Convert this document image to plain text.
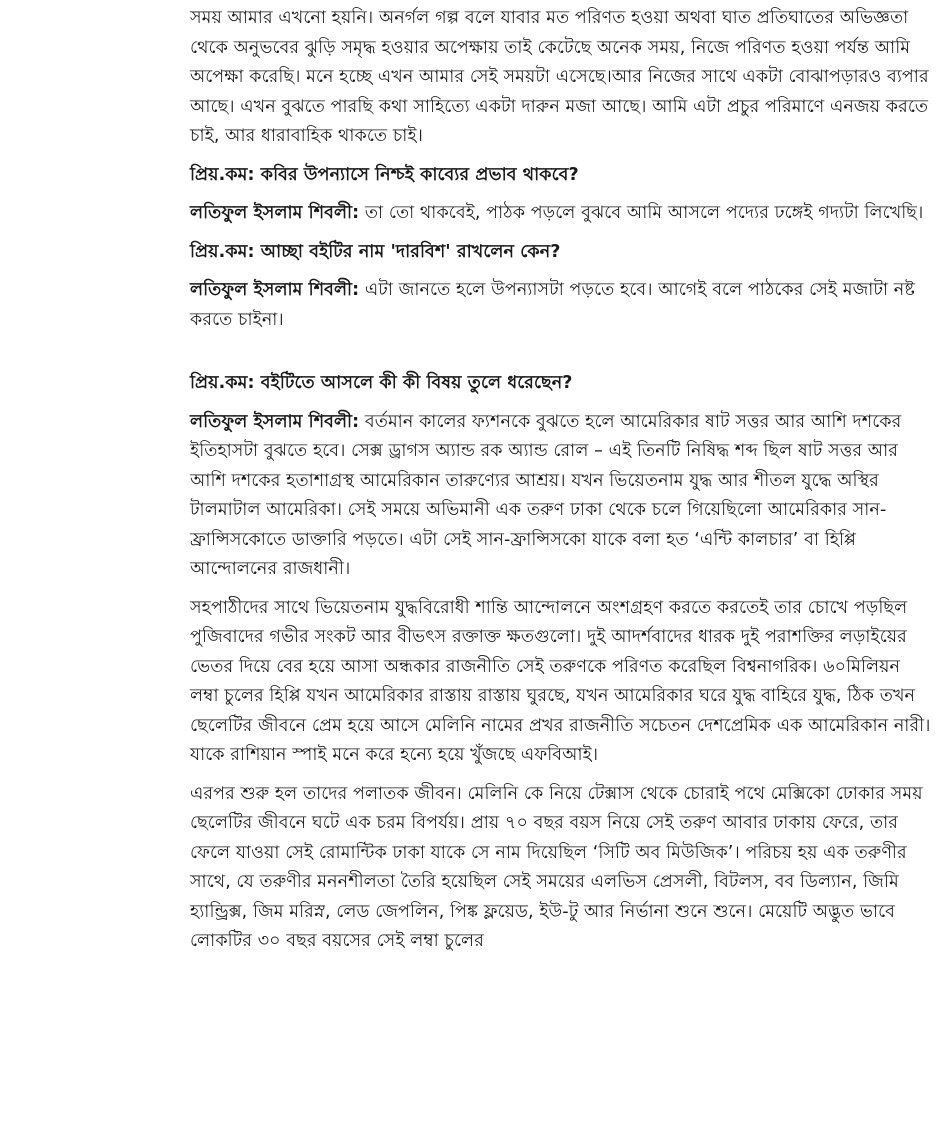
সময় আমার এখনো হয়নি। অনর্গল গল্প বলে যাবার মত পরিণত হওয়া অথবা ঘাত প্রতিঘাতের অভিজ্ঞতা থেকে অনুভবের ঝুড়ি সমৃদ্ধ হওয়ার অপেক্ষায় তাই কেটেছে অনেক সময়, নিজে পরিণত হওয়া পর্যন্ত আমি অপেক্ষা করেছি। মনে হচ্ছে এখন আমার সেই সময়টা এসেছে।আর নিজের সাথে একটা বোঝাপড়ারও ব্যপার আছে। এখন বুঝতে পারছি কথা সাহিত্যে একটা দারুন মজা আছে। আমি এটা প্রচুর পরিমাণে এনজয় করতে চাই, আর ধারাবাহিক থাকতে চাই।

প্রিয়.কম: কবির উপন্যাসে নিশ্চই কাব্যের প্রভাব থাকবে?

লতিফুল ইসলাম শিবলী: তা তো থাকবেই, পাঠক পড়লে বুঝবে আমি আসলে পদ্যের ঢঙ্গেই গদ্যটা লিখেছি।

প্রিয়.কম: আচ্ছা বইটির নাম 'দারবিশ' রাখলেন কেন?

লতিফুল ইসলাম শিবলী: এটা জানতে হলে উপন্যাসটা পড়তে হবে। আগেই বলে পাঠকের সেই মজাটা নষ্ট করতে চাইনা।

প্রিয়.কম: বইটিতে আসলে কী কী বিষয় তুলে ধরেছেন?

লতিফুল ইসলাম শিবলী: বর্তমান কালের ফ্যশনকে বুঝতে হলে আমেরিকার ষাট সত্তর আর আশি দশকের ইতিহাসটা বুঝতে হবে। সেক্স ড্রাগস অ্যান্ড রক অ্যান্ড রোল – এই তিনটি নিষিদ্ধ শব্দ ছিল ষাট সত্তর আর আশি দশকের হতাশাগ্রস্থ আমেরিকান তারুণ্যের আশ্রয়। যখন ভিয়েতনাম যুদ্ধ আর শীতল যুদ্ধে অস্থির টালমাটাল আমেরিকা। সেই সময়ে অভিমানী এক তরুণ ঢাকা থেকে চলে গিয়েছিলো আমেরিকার সান-ফ্রান্সিসকোতে ডাক্তারি পড়তে। এটা সেই সান-ফ্রান্সিসকো যাকে বলা হত ‘এন্টি কালচার’ বা হিপ্পি আন্দোলনের রাজধানী।

সহপাঠীদের সাথে ভিয়েতনাম যুদ্ধবিরোধী শান্তি আন্দোলনে অংশগ্রহণ করতে করতেই তার চোখে পড়ছিল পুজিবাদের গভীর সংকট আর বীভৎস রক্তাক্ত ক্ষতগুলো। দুই আদর্শবাদের ধারক দুই পরাশক্তির লড়াইয়ের ভেতর দিয়ে বের হয়ে আসা অন্ধকার রাজনীতি সেই তরুণকে পরিণত করেছিল বিশ্বনাগরিক। ৬০মিলিয়ন লম্বা চুলের হিপ্পি যখন আমেরিকার রাস্তায় রাস্তায় ঘুরছে, যখন আমেরিকার ঘরে যুদ্ধ বাহিরে যুদ্ধ, ঠিক তখন ছেলেটির জীবনে প্রেম হয়ে আসে মেলিনি নামের প্রখর রাজনীতি সচেতন দেশপ্রেমিক এক আমেরিকান নারী। যাকে রাশিয়ান স্পাই মনে করে হন্যে হয়ে খুঁজছে এফবিআই।

এরপর শুরু হল তাদের পলাতক জীবন। মেলিনি কে নিয়ে টেক্সাস থেকে চোরাই পথে মেক্সিকো ঢোকার সময় ছেলেটির জীবনে ঘটে এক চরম বিপর্যয়। প্রায় ৭০ বছর বয়স নিয়ে সেই তরুণ আবার ঢাকায় ফেরে, তার ফেলে যাওয়া সেই রোমান্টিক ঢাকা যাকে সে নাম দিয়েছিল ‘সিটি অব মিউজিক’। পরিচয় হয় এক তরুণীর সাথে, যে তরুণীর মননশীলতা তৈরি হয়েছিল সেই সময়ের এলভিস প্রেসলী, বিটলস, বব ডিল্যান, জিমি হ্যান্ড্রিক্স, জিম মরিস্ন, লেড জেপলিন, পিঙ্ক ফ্লয়েড, ইউ-টু আর নির্ভানা শুনে শুনে। মেয়েটি অদ্ভুত ভাবে লোকটির ৩০ বছর বয়সের সেই লম্বা চুলের
